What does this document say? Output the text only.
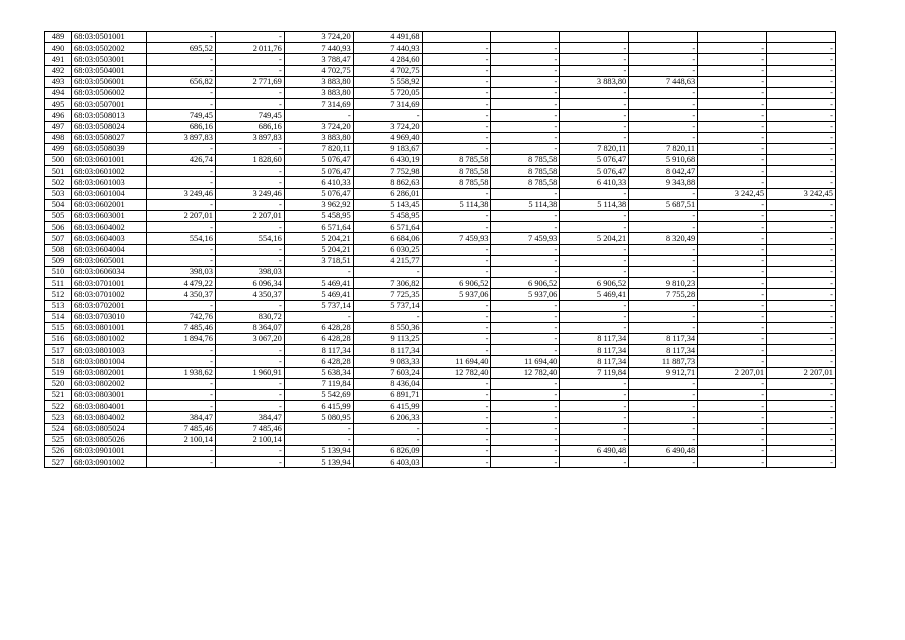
489	68:03:0501001	-	-	3 724,20	4 491,68						
490	68:03:0502002	695,52	2 011,76	7 440,93	7 440,93	-	-	-	-	-	-
491	68:03:0503001	-	-	3 788,47	4 284,60	-	-	-	-	-	-
492	68:03:0504001	-	-	4 702,75	4 702,75	-	-	-	-	-	-
493	68:03:0506001	656,82	2 771,69	3 883,80	5 558,92	-	-	3 883,80	7 448,63	-	-
494	68:03:0506002	-	-	3 883,80	5 720,05	-	-	-	-	-	-
495	68:03:0507001	-	-	7 314,69	7 314,69	-	-	-	-	-	-
496	68:03:0508013	749,45	749,45	-	-	-	-	-	-	-	-
497	68:03:0508024	686,16	686,16	3 724,20	3 724,20	-	-	-	-	-	-
498	68:03:0508027	3 897,83	3 897,83	3 883,80	4 969,40	-	-	-	-	-	-
499	68:03:0508039	-	-	7 820,11	9 183,67	-	-	7 820,11	7 820,11	-	-
500	68:03:0601001	426,74	1 828,60	5 076,47	6 430,19	8 785,58	8 785,58	5 076,47	5 910,68	-	-
501	68:03:0601002	-	-	5 076,47	7 752,98	8 785,58	8 785,58	5 076,47	8 042,47	-	-
502	68:03:0601003	-	-	6 410,33	8 862,63	8 785,58	8 785,58	6 410,33	9 343,88	-	-
503	68:03:0601004	3 249,46	3 249,46	5 076,47	6 286,01	-	-	-	-	3 242,45	3 242,45
504	68:03:0602001	-	-	3 962,92	5 143,45	5 114,38	5 114,38	5 114,38	5 687,51	-	-
505	68:03:0603001	2 207,01	2 207,01	5 458,95	5 458,95	-	-	-	-	-	-
506	68:03:0604002	-	-	6 571,64	6 571,64	-	-	-	-	-	-
507	68:03:0604003	554,16	554,16	5 204,21	6 684,06	7 459,93	7 459,93	5 204,21	8 320,49	-	-
508	68:03:0604004	-	-	5 204,21	6 030,25	-	-	-	-	-	-
509	68:03:0605001	-	-	3 718,51	4 215,77	-	-	-	-	-	-
510	68:03:0606034	398,03	398,03	-	-	-	-	-	-	-	-
511	68:03:0701001	4 479,22	6 096,34	5 469,41	7 306,82	6 906,52	6 906,52	6 906,52	9 810,23	-	-
512	68:03:0701002	4 350,37	4 350,37	5 469,41	7 725,35	5 937,06	5 937,06	5 469,41	7 755,28	-	-
513	68:03:0702001	-	-	5 737,14	5 737,14	-	-	-	-	-	-
514	68:03:0703010	742,76	830,72	-	-	-	-	-	-	-	-
515	68:03:0801001	7 485,46	8 364,07	6 428,28	8 550,36	-	-	-	-	-	-
516	68:03:0801002	1 894,76	3 067,20	6 428,28	9 113,25	-	-	8 117,34	8 117,34	-	-
517	68:03:0801003	-	-	8 117,34	8 117,34	-	-	8 117,34	8 117,34	-	-
518	68:03:0801004	-	-	6 428,28	9 083,33	11 694,40	11 694,40	8 117,34	11 887,73	-	-
519	68:03:0802001	1 938,62	1 960,91	5 638,34	7 603,24	12 782,40	12 782,40	7 119,84	9 912,71	2 207,01	2 207,01
520	68:03:0802002	-	-	7 119,84	8 436,04	-	-	-	-	-	-
521	68:03:0803001	-	-	5 542,69	6 891,71	-	-	-	-	-	-
522	68:03:0804001	-	-	6 415,99	6 415,99	-	-	-	-	-	-
523	68:03:0804002	384,47	384,47	5 080,95	6 206,33	-	-	-	-	-	-
524	68:03:0805024	7 485,46	7 485,46	-	-	-	-	-	-	-	-
525	68:03:0805026	2 100,14	2 100,14	-	-	-	-	-	-	-	-
526	68:03:0901001	-	-	5 139,94	6 826,09	-	-	6 490,48	6 490,48	-	-
527	68:03:0901002	-	-	5 139,94	6 403,03	-	-	-	-	-	-
